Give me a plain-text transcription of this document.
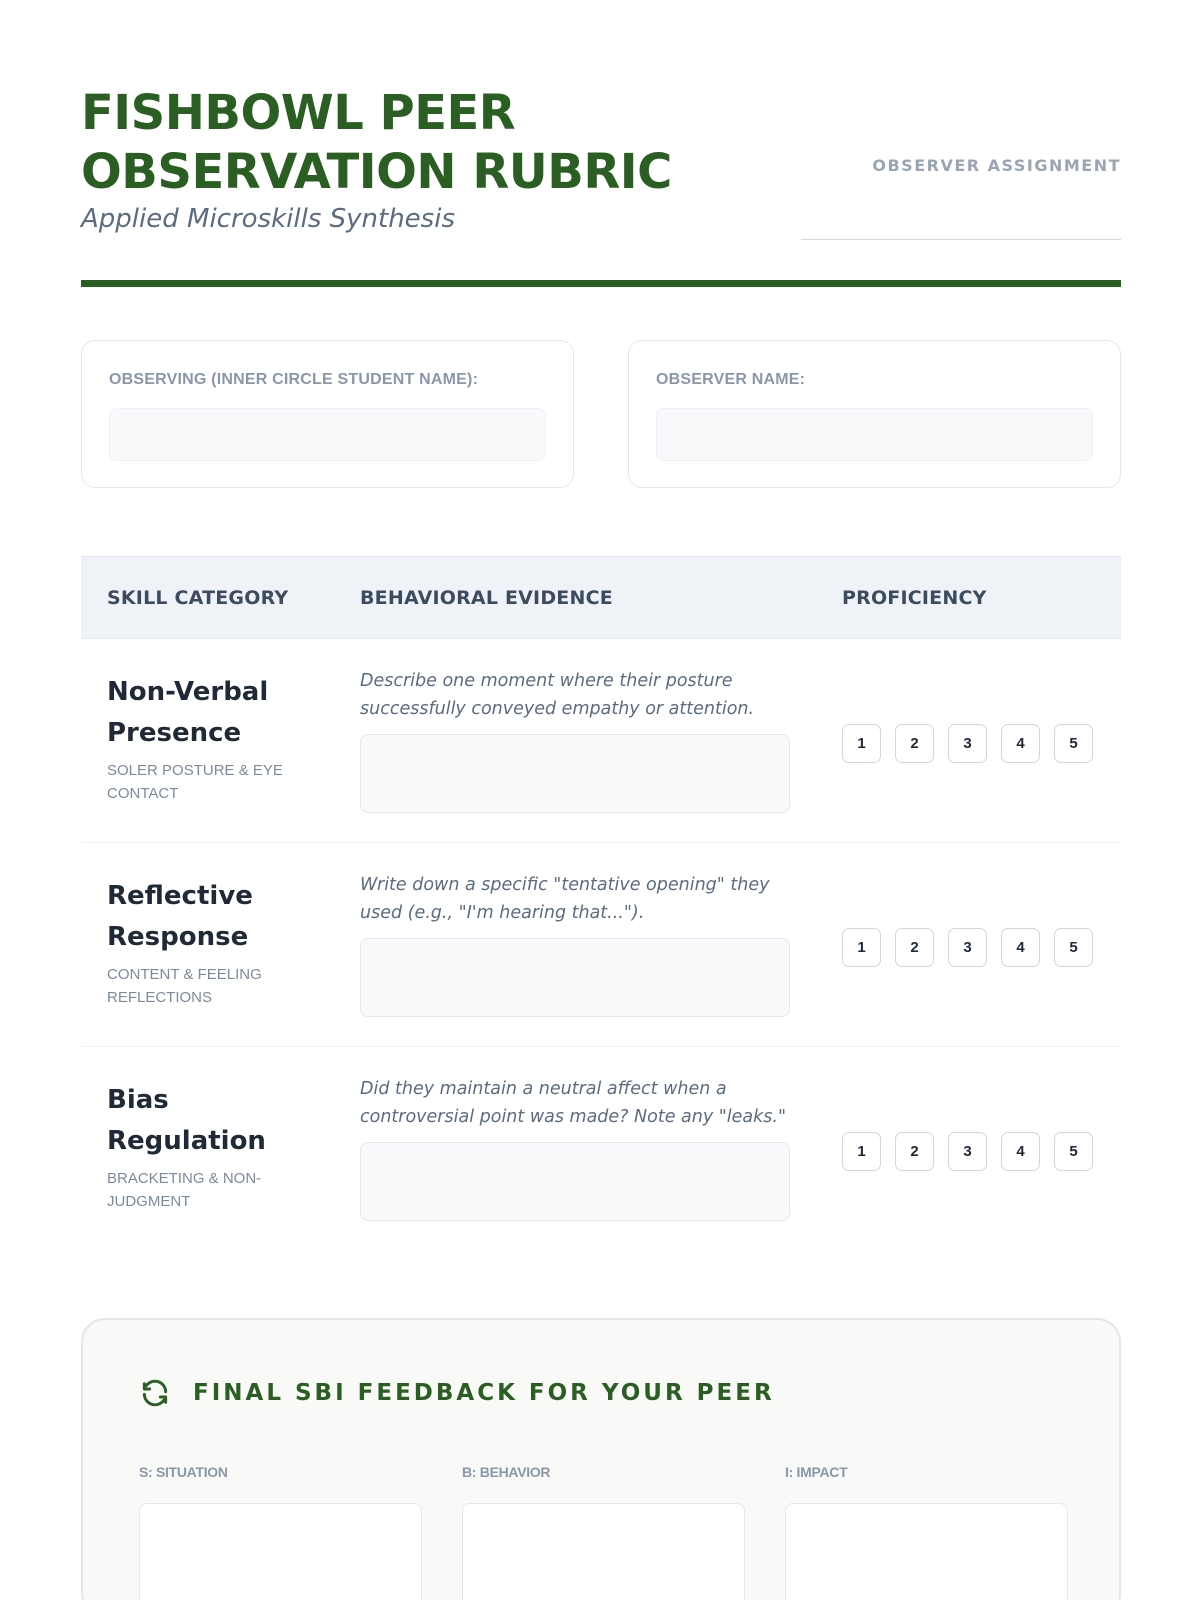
FISHBOWL PEER OBSERVATION RUBRIC
Applied Microskills Synthesis
OBSERVER ASSIGNMENT
OBSERVING (INNER CIRCLE STUDENT NAME):	OBSERVER NAME:
SKILL CATEGORY	BEHAVIORAL EVIDENCE	PROFICIENCY
Non-Verbal Presence
SOLER POSTURE & EYE CONTACT
Describe one moment where their posture successfully conveyed empathy or attention.
1	2	3	4	5
Reflective Response
CONTENT & FEELING REFLECTIONS
Write down a specific "tentative opening" they used (e.g., "I'm hearing that...").
1	2	3	4	5
Bias Regulation
BRACKETING & NON-JUDGMENT
Did they maintain a neutral affect when a controversial point was made? Note any "leaks."
1	2	3	4	5
FINAL SBI FEEDBACK FOR YOUR PEER
S: SITUATION	B: BEHAVIOR	I: IMPACT
